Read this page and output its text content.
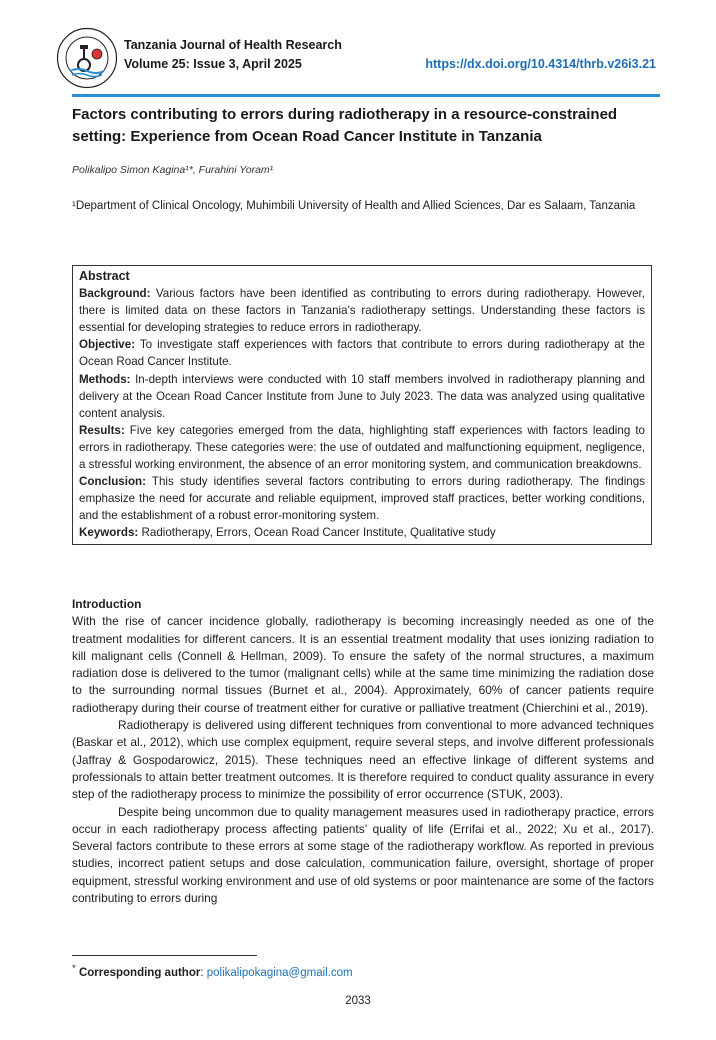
Tanzania Journal of Health Research
Volume 25: Issue 3, April 2025	https://dx.doi.org/10.4314/thrb.v26i3.21
Factors contributing to errors during radiotherapy in a resource-constrained setting: Experience from Ocean Road Cancer Institute in Tanzania
Polikalipo Simon Kagina¹*, Furahini Yoram¹
¹Department of Clinical Oncology, Muhimbili University of Health and Allied Sciences, Dar es Salaam, Tanzania
Abstract

Background: Various factors have been identified as contributing to errors during radiotherapy. However, there is limited data on these factors in Tanzania's radiotherapy settings. Understanding these factors is essential for developing strategies to reduce errors in radiotherapy.

Objective: To investigate staff experiences with factors that contribute to errors during radiotherapy at the Ocean Road Cancer Institute.

Methods: In-depth interviews were conducted with 10 staff members involved in radiotherapy planning and delivery at the Ocean Road Cancer Institute from June to July 2023. The data was analyzed using qualitative content analysis.

Results: Five key categories emerged from the data, highlighting staff experiences with factors leading to errors in radiotherapy. These categories were: the use of outdated and malfunctioning equipment, negligence, a stressful working environment, the absence of an error monitoring system, and communication breakdowns.

Conclusion: This study identifies several factors contributing to errors during radiotherapy. The findings emphasize the need for accurate and reliable equipment, improved staff practices, better working conditions, and the establishment of a robust error-monitoring system.

Keywords: Radiotherapy, Errors, Ocean Road Cancer Institute, Qualitative study

Introduction

With the rise of cancer incidence globally, radiotherapy is becoming increasingly needed as one of the treatment modalities for different cancers. It is an essential treatment modality that uses ionizing radiation to kill malignant cells (Connell & Hellman, 2009). To ensure the safety of the normal structures, a maximum radiation dose is delivered to the tumor (malignant cells) while at the same time minimizing the radiation dose to the surrounding normal tissues (Burnet et al., 2004). Approximately, 60% of cancer patients require radiotherapy during their course of treatment either for curative or palliative treatment (Chierchini et al., 2019).

Radiotherapy is delivered using different techniques from conventional to more advanced techniques (Baskar et al., 2012), which use complex equipment, require several steps, and involve different professionals (Jaffray & Gospodarowicz, 2015). These techniques need an effective linkage of different systems and professionals to attain better treatment outcomes. It is therefore required to conduct quality assurance in every step of the radiotherapy process to minimize the possibility of error occurrence (STUK, 2003).

Despite being uncommon due to quality management measures used in radiotherapy practice, errors occur in each radiotherapy process affecting patients’ quality of life (Errifai et al., 2022; Xu et al., 2017). Several factors contribute to these errors at some stage of the radiotherapy workflow. As reported in previous studies, incorrect patient setups and dose calculation, communication failure, oversight, shortage of proper equipment, stressful working environment and use of old systems or poor maintenance are some of the factors contributing to errors during

* Corresponding author: polikalipokagina@gmail.com
2033
